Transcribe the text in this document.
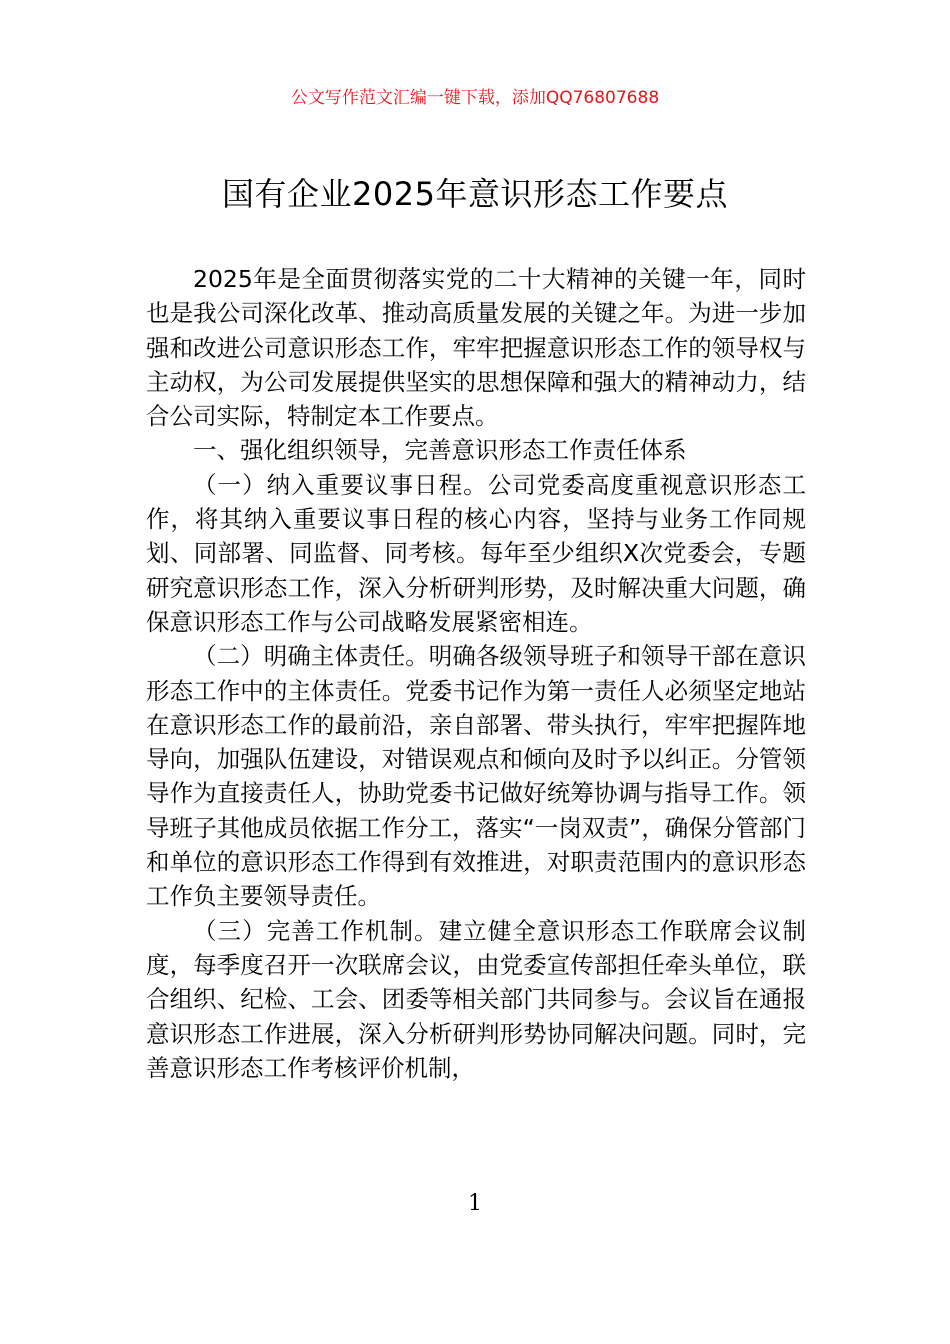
公文写作范文汇编一键下载，添加QQ76807688
国有企业2025年意识形态工作要点

2025年是全面贯彻落实党的二十大精神的关键一年，同时也是我公司深化改革、推动高质量发展的关键之年。为进一步加强和改进公司意识形态工作，牢牢把握意识形态工作的领导权与主动权，为公司发展提供坚实的思想保障和强大的精神动力，结合公司实际，特制定本工作要点。

一、强化组织领导，完善意识形态工作责任体系

（一）纳入重要议事日程。公司党委高度重视意识形态工作，将其纳入重要议事日程的核心内容，坚持与业务工作同规划、同部署、同监督、同考核。每年至少组织X次党委会，专题研究意识形态工作，深入分析研判形势，及时解决重大问题，确保意识形态工作与公司战略发展紧密相连。

（二）明确主体责任。明确各级领导班子和领导干部在意识形态工作中的主体责任。党委书记作为第一责任人必须坚定地站在意识形态工作的最前沿，亲自部署、带头执行，牢牢把握阵地导向，加强队伍建设，对错误观点和倾向及时予以纠正。分管领导作为直接责任人，协助党委书记做好统筹协调与指导工作。领导班子其他成员依据工作分工，落实“一岗双责”，确保分管部门和单位的意识形态工作得到有效推进，对职责范围内的意识形态工作负主要领导责任。

（三）完善工作机制。建立健全意识形态工作联席会议制度，每季度召开一次联席会议，由党委宣传部担任牵头单位，联合组织、纪检、工会、团委等相关部门共同参与。会议旨在通报意识形态工作进展，深入分析研判形势协同解决问题。同时，完善意识形态工作考核评价机制，

1
